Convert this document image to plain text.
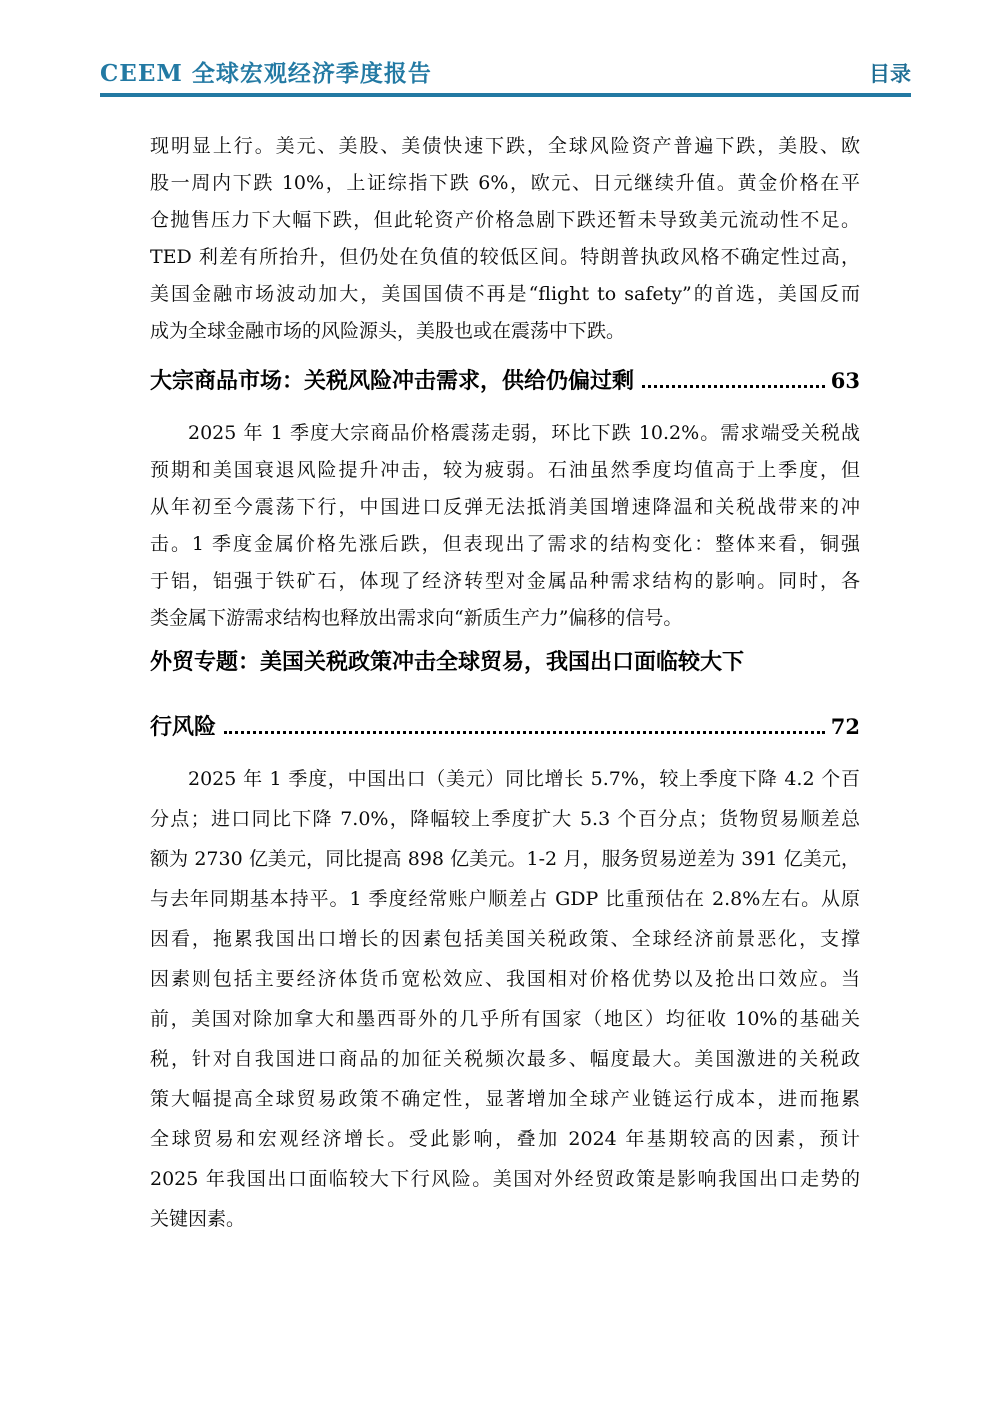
CEEM 全球宏观经济季度报告	目录
现明显上行。美元、美股、美债快速下跌，全球风险资产普遍下跌，美股、欧
股一周内下跌 10%，上证综指下跌 6%，欧元、日元继续升值。黄金价格在平
仓抛售压力下大幅下跌，但此轮资产价格急剧下跌还暂未导致美元流动性不足。
TED 利差有所抬升，但仍处在负值的较低区间。特朗普执政风格不确定性过高，
美国金融市场波动加大，美国国债不再是“flight to safety”的首选，美国反而
成为全球金融市场的风险源头，美股也或在震荡中下跌。
大宗商品市场：关税风险冲击需求，供给仍偏过剩	63
2025 年 1 季度大宗商品价格震荡走弱，环比下跌 10.2%。需求端受关税战
预期和美国衰退风险提升冲击，较为疲弱。石油虽然季度均值高于上季度，但
从年初至今震荡下行，中国进口反弹无法抵消美国增速降温和关税战带来的冲
击。1 季度金属价格先涨后跌，但表现出了需求的结构变化：整体来看，铜强
于铝，铝强于铁矿石，体现了经济转型对金属品种需求结构的影响。同时，各
类金属下游需求结构也释放出需求向“新质生产力”偏移的信号。
外贸专题：美国关税政策冲击全球贸易，我国出口面临较大下
行风险	72
2025 年 1 季度，中国出口（美元）同比增长 5.7%，较上季度下降 4.2 个百
分点；进口同比下降 7.0%，降幅较上季度扩大 5.3 个百分点；货物贸易顺差总
额为 2730 亿美元，同比提高 898 亿美元。1-2 月，服务贸易逆差为 391 亿美元，
与去年同期基本持平。1 季度经常账户顺差占 GDP 比重预估在 2.8%左右。从原
因看，拖累我国出口增长的因素包括美国关税政策、全球经济前景恶化，支撑
因素则包括主要经济体货币宽松效应、我国相对价格优势以及抢出口效应。当
前，美国对除加拿大和墨西哥外的几乎所有国家（地区）均征收 10%的基础关
税，针对自我国进口商品的加征关税频次最多、幅度最大。美国激进的关税政
策大幅提高全球贸易政策不确定性，显著增加全球产业链运行成本，进而拖累
全球贸易和宏观经济增长。受此影响，叠加 2024 年基期较高的因素，预计
2025 年我国出口面临较大下行风险。美国对外经贸政策是影响我国出口走势的
关键因素。
